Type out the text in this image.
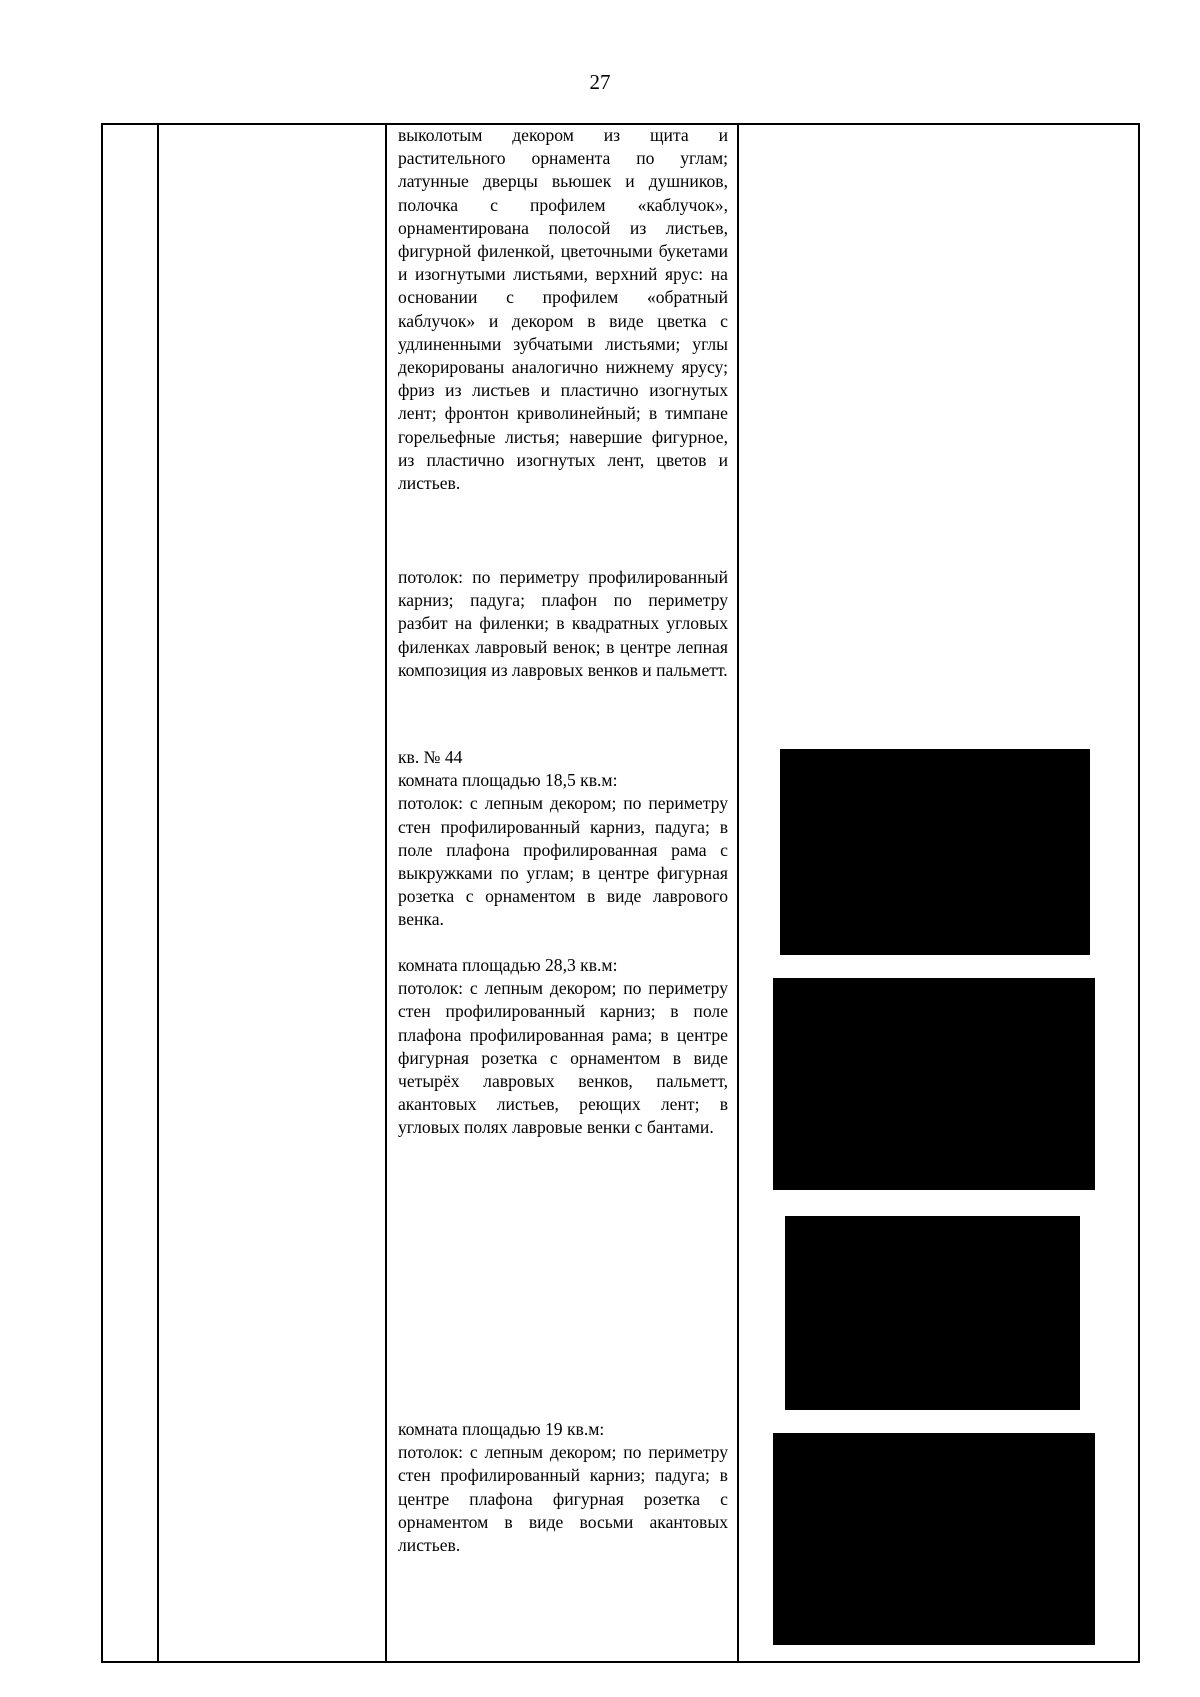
27

выколотым декором из щита и растительного орнамента по углам; латунные дверцы вьюшек и душников, полочка с профилем «каблучок», орнаментирована полосой из листьев, фигурной филенкой, цветочными букетами и изогнутыми листьями, верхний ярус: на основании с профилем «обратный каблучок» и декором в виде цветка с удлиненными зубчатыми листьями; углы декорированы аналогично нижнему ярусу; фриз из листьев и пластично изогнутых лент; фронтон криволинейный; в тимпане горельефные листья; навершие фигурное, из пластично изогнутых лент, цветов и листьев.

потолок: по периметру профилированный карниз; падуга; плафон по периметру разбит на филенки; в квадратных угловых филенках лавровый венок; в центре лепная композиция из лавровых венков и пальметт.

кв. № 44
комната площадью 18,5 кв.м:
потолок: с лепным декором; по периметру стен профилированный карниз, падуга; в поле плафона профилированная рама с выкружками по углам; в центре фигурная розетка с орнаментом в виде лаврового венка.
комната площадью 28,3 кв.м:
потолок: с лепным декором; по периметру стен профилированный карниз; в поле плафона профилированная рама; в центре фигурная розетка с орнаментом в виде четырёх лавровых венков, пальметт, акантовых листьев, реющих лент; в угловых полях лавровые венки с бантами.
комната площадью 19 кв.м:
потолок: с лепным декором; по периметру стен профилированный карниз; падуга; в центре плафона фигурная розетка с орнаментом в виде восьми акантовых листьев.
